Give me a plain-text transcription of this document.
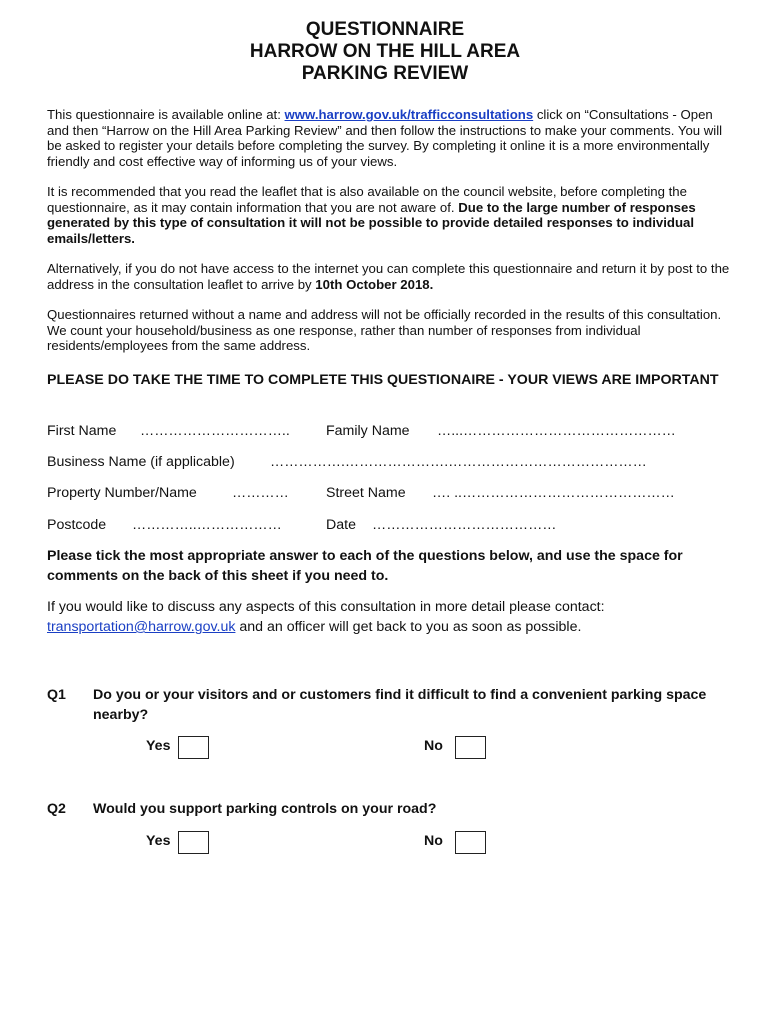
QUESTIONNAIRE
HARROW ON THE HILL AREA
PARKING REVIEW
This questionnaire is available online at: www.harrow.gov.uk/trafficconsultations click on “Consultations - Open and then “Harrow on the Hill Area Parking Review” and then follow the instructions to make your comments. You will be asked to register your details before completing the survey. By completing it online it is a more environmentally friendly and cost effective way of informing us of your views.
It is recommended that you read the leaflet that is also available on the council website, before completing the questionnaire, as it may contain information that you are not aware of. Due to the large number of responses generated by this type of consultation it will not be possible to provide detailed responses to individual emails/letters.
Alternatively, if you do not have access to the internet you can complete this questionnaire and return it by post to the address in the consultation leaflet to arrive by 10th October 2018.
Questionnaires returned without a name and address will not be officially recorded in the results of this consultation. We count your household/business as one response, rather than number of responses from individual residents/employees from the same address.
PLEASE DO TAKE THE TIME TO COMPLETE THIS QUESTIONAIRE - YOUR VIEWS ARE IMPORTANT
First Name …………………………..	Family Name …...………………………………………
Business Name (if applicable) …………….………………….……………………………………
Property Number/Name …………	Street Name …. ..………………………………………
Postcode …………..………………	Date …………………………………
Please tick the most appropriate answer to each of the questions below, and use the space for comments on the back of this sheet if you need to.
If you would like to discuss any aspects of this consultation in more detail please contact: transportation@harrow.gov.uk and an officer will get back to you as soon as possible.
Q1 Do you or your visitors and or customers find it difficult to find a convenient parking space nearby?
Yes	No
Q2 Would you support parking controls on your road?
Yes	No
